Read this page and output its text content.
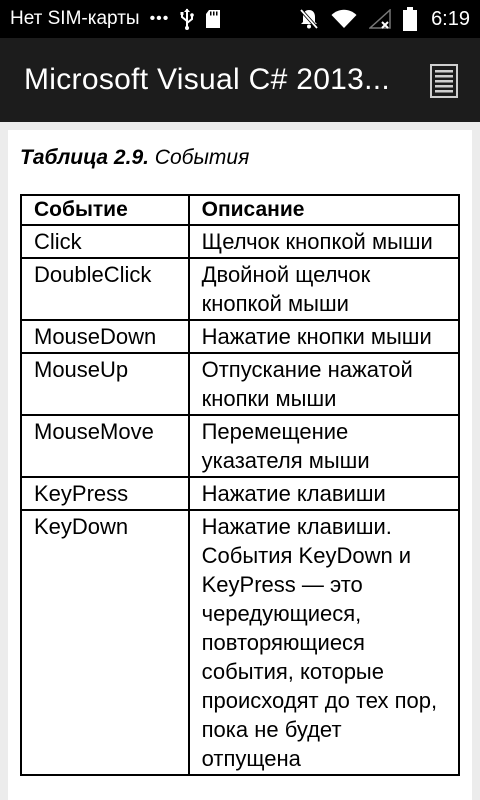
Нет SIM-карты •••	6:19
Microsoft Visual C# 2013...
Таблица 2.9. События
Событие	Описание
Click	Щелчок кнопкой мыши
DoubleClick	Двойной щелчок кнопкой мыши
MouseDown	Нажатие кнопки мыши
MouseUp	Отпускание нажатой кнопки мыши
MouseMove	Перемещение указателя мыши
KeyPress	Нажатие клавиши
KeyDown	Нажатие клавиши. События KeyDown и KeyPress — это чередующиеся, повторяющиеся события, которые происходят до тех пор, пока не будет отпущена
